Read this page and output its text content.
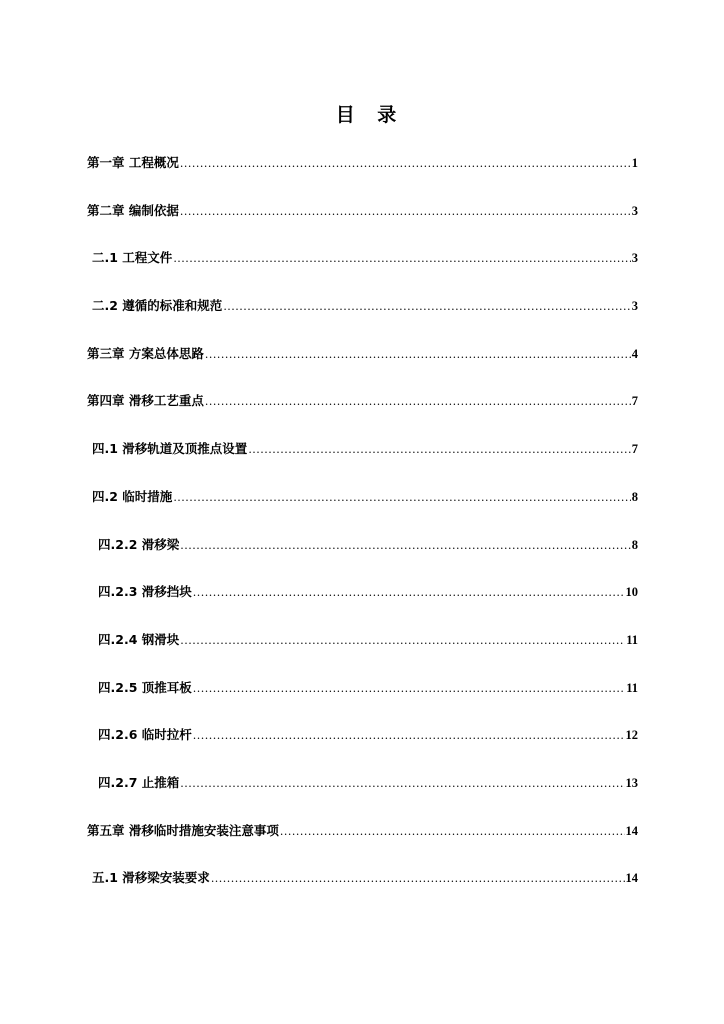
目 录
第一章 工程概况 .....	1
第二章 编制依据 .....	3
二.1 工程文件 .....	3
二.2 遵循的标准和规范 .....	3
第三章 方案总体思路 .....	4
第四章 滑移工艺重点 .....	7
四.1 滑移轨道及顶推点设置 .....	7
四.2 临时措施 .....	8
四.2.2 滑移梁 .....	8
四.2.3 滑移挡块 .....	10
四.2.4 钢滑块 .....	11
四.2.5 顶推耳板 .....	11
四.2.6 临时拉杆 .....	12
四.2.7 止推箱 .....	13
第五章 滑移临时措施安装注意事项 .....	14
五.1 滑移梁安装要求 .....	14
